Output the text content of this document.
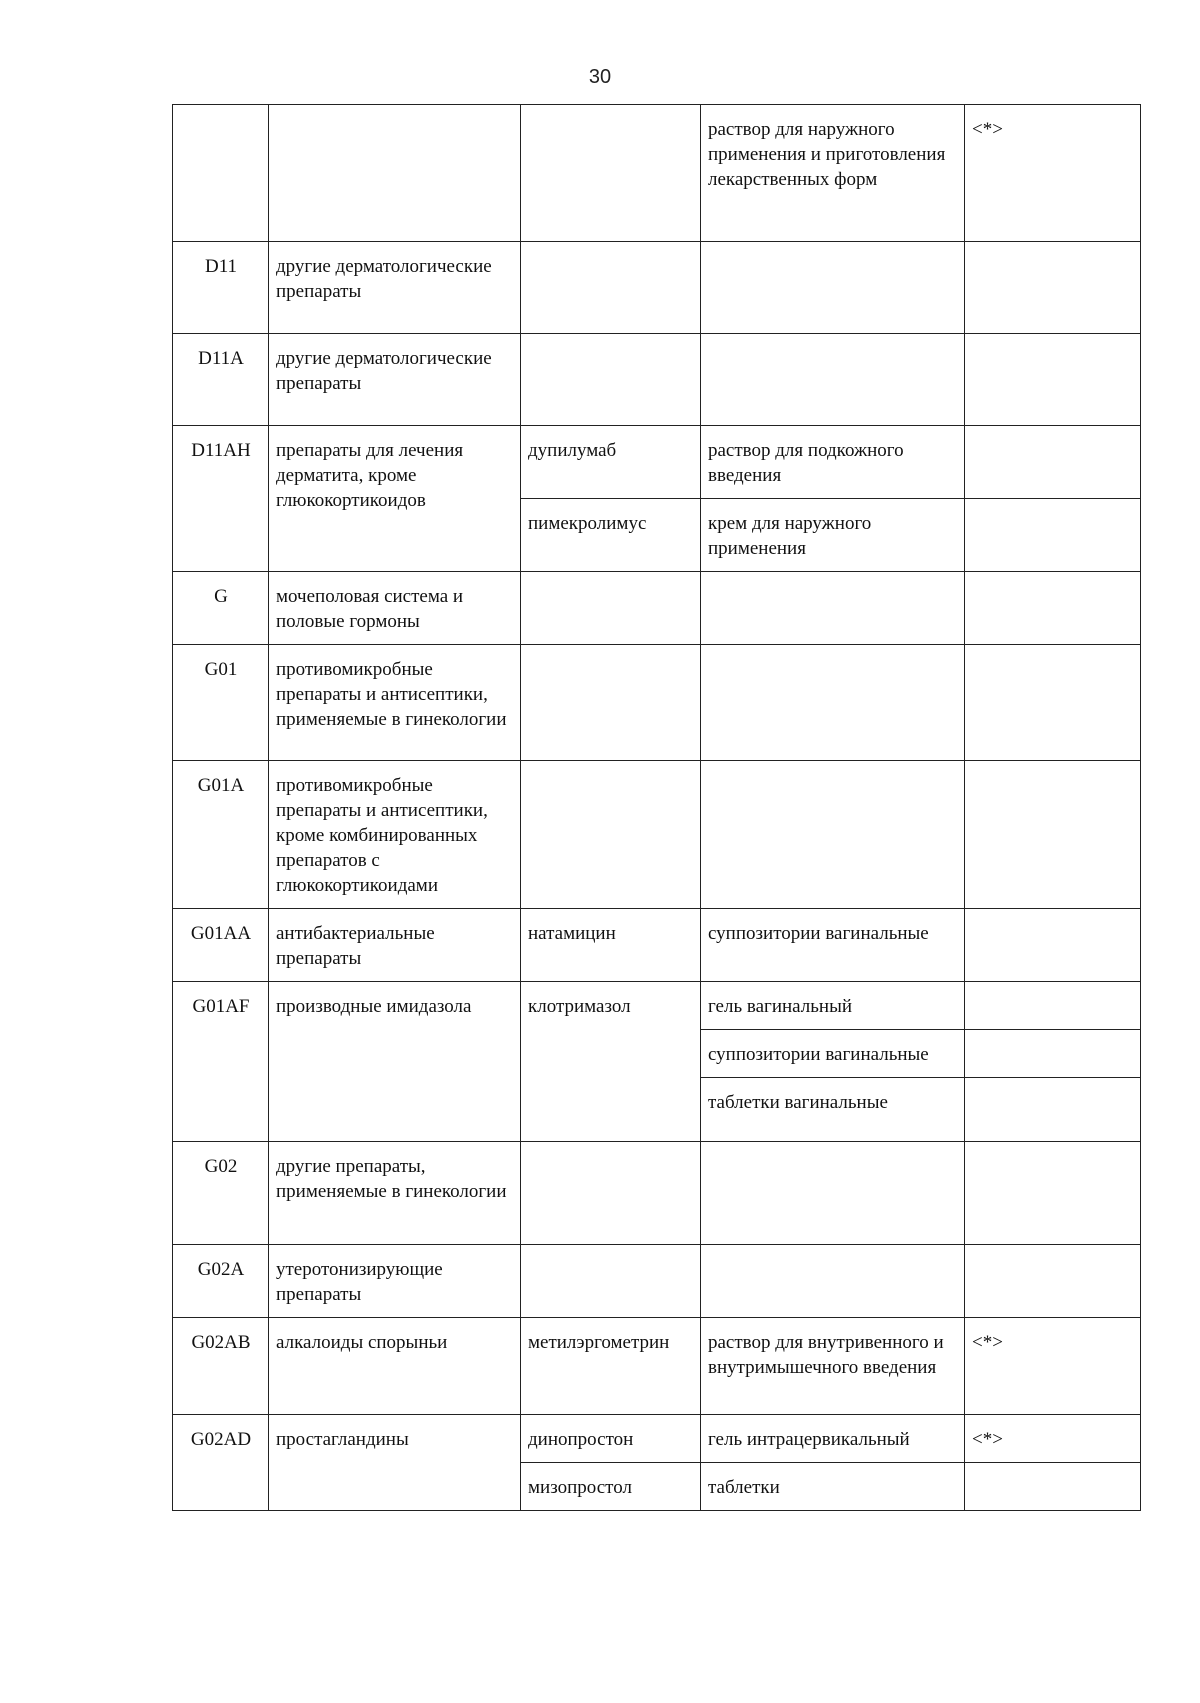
30
			раствор для наружного применения и приготовления лекарственных форм	<*>
D11	другие дерматологические препараты			
D11A	другие дерматологические препараты			
D11AH	препараты для лечения дерматита, кроме глюкокортикоидов	дупилумаб	раствор для подкожного введения	
		пимекролимус	крем для наружного применения	
G	мочеполовая система и половые гормоны			
G01	противомикробные препараты и антисептики, применяемые в гинекологии			
G01A	противомикробные препараты и антисептики, кроме комбинированных препаратов с глюкокортикоидами			
G01AA	антибактериальные препараты	натамицин	суппозитории вагинальные	
G01AF	производные имидазола	клотримазол	гель вагинальный	
			суппозитории вагинальные	
			таблетки вагинальные	
G02	другие препараты, применяемые в гинекологии			
G02A	утеротонизирующие препараты			
G02AB	алкалоиды спорыньи	метилэргометрин	раствор для внутривенного и внутримышечного введения	<*>
G02AD	простагландины	динопростон	гель интрацервикальный	<*>
		мизопростол	таблетки	
